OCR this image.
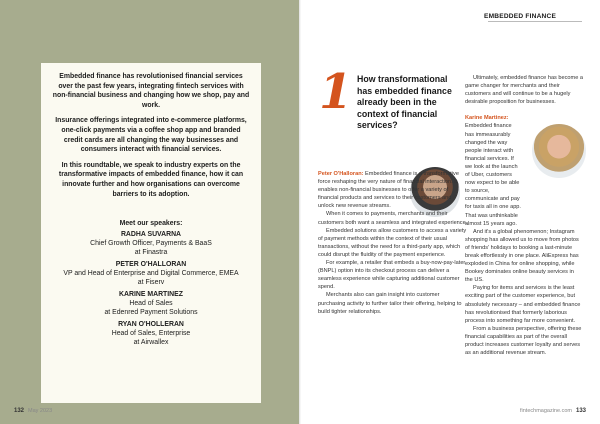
Embedded finance has revolutionised financial services over the past few years, integrating fintech services with non-financial business and changing how we shop, pay and work.

Insurance offerings integrated into e-commerce platforms, one-click payments via a coffee shop app and branded credit cards are all changing the way businesses and consumers interact with financial services.

In this roundtable, we speak to industry experts on the transformative impacts of embedded finance, how it can innovate further and how organisations can overcome barriers to its adoption.

Meet our speakers:
RADHA SUVARNA
Chief Growth Officer, Payments & BaaS
at Finastra
PETER O'HALLORAN
VP and Head of Enterprise and Digital Commerce, EMEA
at Fiserv
KARINE MARTINEZ
Head of Sales
at Edenred Payment Solutions
RYAN O'HOLLERAN
Head of Sales, Enterprise
at Airwallex
132 May 2023
EMBEDDED FINANCE
1 How transformational has embedded finance already been in the context of financial services?

Peter O'Halloran: Embedded finance is a transformative force reshaping the very nature of financial interaction. It enables non-financial businesses to offer a variety of financial products and services to their customers and unlock new revenue streams.

When it comes to payments, merchants and their customers both want a seamless and integrated experience.

Embedded solutions allow customers to access a variety of payment methods within the context of their usual transactions, without the need for a third-party app, which could disrupt the fluidity of the payment experience.

For example, a retailer that embeds a buy-now-pay-later (BNPL) option into its checkout process can deliver a seamless experience while capturing additional customer spend.

Merchants also can gain insight into customer purchasing activity to further tailor their offering, helping to build tighter relationships.

Ultimately, embedded finance has become a game changer for merchants and their customers and will continue to be a hugely desirable proposition for businesses.

Karine Martinez: Embedded finance has immeasurably changed the way people interact with financial services. If we look at the launch of Uber, customers now expect to be able to source, communicate and pay for taxis all in one app. That was unthinkable almost 15 years ago.

And it's a global phenomenon; Instagram shopping has allowed us to move from photos of friends' holidays to booking a last-minute break effortlessly in one place. AliExpress has exploded in China for online shopping, while Bookey dominates online beauty services in the US.

Paying for items and services is the least exciting part of the customer experience, but absolutely necessary – and embedded finance has revolutionised that formerly laborious process into something far more convenient.

From a business perspective, offering these financial capabilities as part of the overall product increases customer loyalty and serves as an additional revenue stream.

fintechmagazine.com 133
